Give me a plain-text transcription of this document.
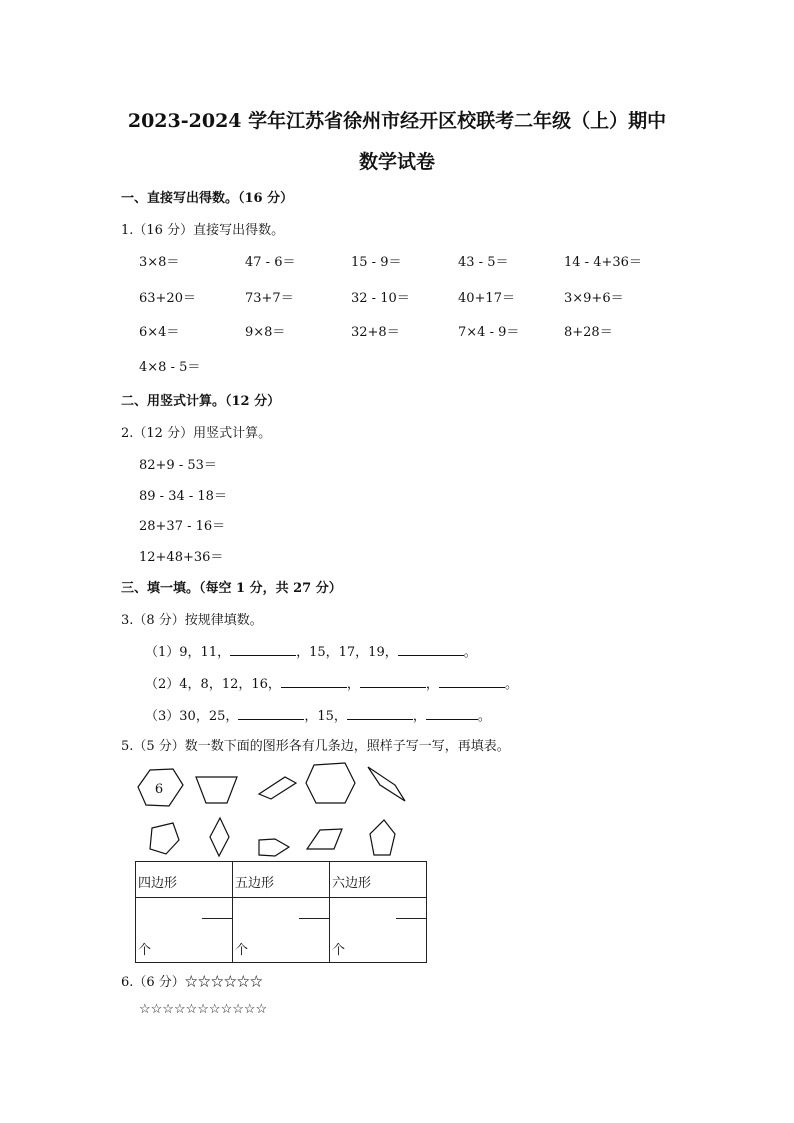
2023-2024 学年江苏省徐州市经开区校联考二年级（上）期中
数学试卷
一、直接写出得数。（16 分）
1.（16 分）直接写出得数。
3×8＝	47 - 6＝	15 - 9＝	43 - 5＝	14 - 4+36＝
63+20＝	73+7＝	32 - 10＝	40+17＝	3×9+6＝
6×4＝	9×8＝	32+8＝	7×4 - 9＝	8+28＝
4×8 - 5＝
二、用竖式计算。（12 分）
2.（12 分）用竖式计算。
82+9 - 53＝
89 - 34 - 18＝
28+37 - 16＝
12+48+36＝
三、填一填。（每空 1 分，共 27 分）
3.（8 分）按规律填数。
（1）9，11，	，15，17，19，	。
（2）4，8，12，16，	，	，	。
（3）30，25，	，15，	，	。
5.（5 分）数一数下面的图形各有几条边，照样子写一写，再填表。
6
四边形	五边形	六边形

个	个	个
6.（6 分）☆☆☆☆☆☆
☆☆☆☆☆☆☆☆☆☆☆
